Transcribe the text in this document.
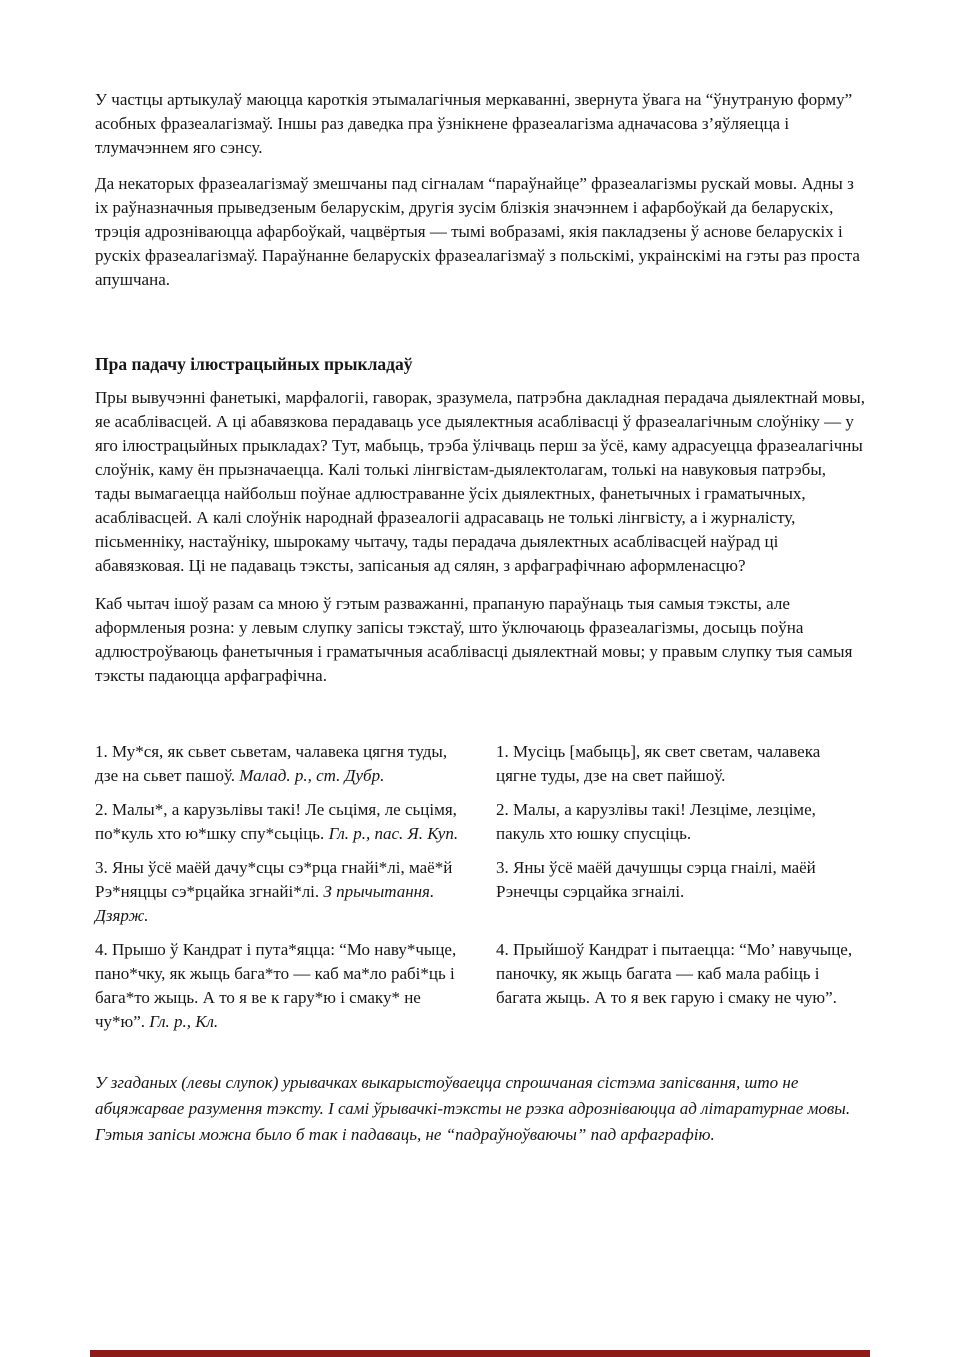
У частцы артыкулаў маюцца кароткія этымалагічныя меркаванні, звернута ўвага на “ўнутраную форму” асобных фразеалагізмаў. Іншы раз даведка пра ўзнікнене фразеалагізма адначасова з’яўляецца і тлумачэннем яго сэнсу.

Да некаторых фразеалагізмаў змешчаны пад сігналам “параўнайце” фразеалагізмы рускай мовы. Адны з іх раўназначныя прыведзеным беларускім, другія зусім блізкія значэннем і афарбоўкай да беларускіх, трэція адрозніваюцца афарбоўкай, чацвёртыя — тымі вобразамі, якія пакладзены ў аснове беларускіх і рускіх фразеалагізмаў. Параўнанне беларускіх фразеалагізмаў з польскімі, украінскімі на гэты раз проста апушчана.

Пра падачу ілюстрацыйных прыкладаў

Пры вывучэнні фанетыкі, марфалогіі, гаворак, зразумела, патрэбна дакладная перадача дыялектнай мовы, яе асаблівасцей. А ці абавязкова перадаваць усе дыялектныя асаблівасці ў фразеалагічным слоўніку — у яго ілюстрацыйных прыкладах? Тут, мабыць, трэба ўлічваць перш за ўсё, каму адрасуецца фразеалагічны слоўнік, каму ён прызначаецца. Калі толькі лінгвістам-дыялектолагам, толькі на навуковыя патрэбы, тады вымагаецца найбольш поўнае адлюстраванне ўсіх дыялектных, фанетычных і граматычных, асаблівасцей. А калі слоўнік народнай фразеалогіі адрасаваць не толькі лінгвісту, а і журналісту, пісьменніку, настаўніку, шырокаму чытачу, тады перадача дыялектных асаблівасцей наўрад ці абавязковая. Ці не падаваць тэксты, запісаныя ад сялян, з арфаграфічнаю аформленасцю?

Каб чытач ішоў разам са мною ў гэтым разважанні, прапаную параўнаць тыя самыя тэксты, але аформленыя розна: у левым слупку запісы тэкстаў, што ўключаюць фразеалагізмы, досыць поўна адлюстроўваюць фанетычныя і граматычныя асаблівасці дыялектнай мовы; у правым слупку тыя самыя тэксты падаюцца арфаграфічна.

1. Му*ся, як сьвет сьветам, чалавека цягня туды, дзе на сьвет пашоў. Малад. р., ст. Дубр.

1. Мусіць [мабыць], як свет светам, чалавека цягне туды, дзе на свет пайшоў.

2. Малы*, а карузьлівы такі! Ле сьцімя, ле сьцімя, по*куль хто ю*шку спу*сьціць. Гл. р., пас. Я. Куп.

2. Малы, а карузлівы такі! Лезціме, лезціме, пакуль хто юшку спусціць.

3. Яны ўсё маёй дачу*сцы сэ*рца гнайі*лі, маё*й Рэ*няццы сэ*рцайка згнайі*лі. З прычытання. Дзярж.

3. Яны ўсё маёй дачушцы сэрца гнаілі, маёй Рэнечцы сэрцайка згнаілі.

4. Прышо ў Кандрат і пута*яцца: “Мо наву*чыце, пано*чку, як жыць бага*то — каб ма*ло рабі*ць і бага*то жыць. А то я ве к гару*ю і смаку* не чу*ю”. Гл. р., Кл.

4. Прыйшоў Кандрат і пытаецца: “Мо’ навучыце, паночку, як жыць багата — каб мала рабіць і багата жыць. А то я век гарую і смаку не чую”.

У згаданых (левы слупок) урывачках выкарыстоўваецца спрошчаная сістэма запісвання, што не абцяжарвае разумення тэксту. І самі ўрывачкі-тэксты не рэзка адрозніваюцца ад літаратурнае мовы. Гэтыя запісы можна было б так і падаваць, не “падраўноўваючы” пад арфаграфію.
